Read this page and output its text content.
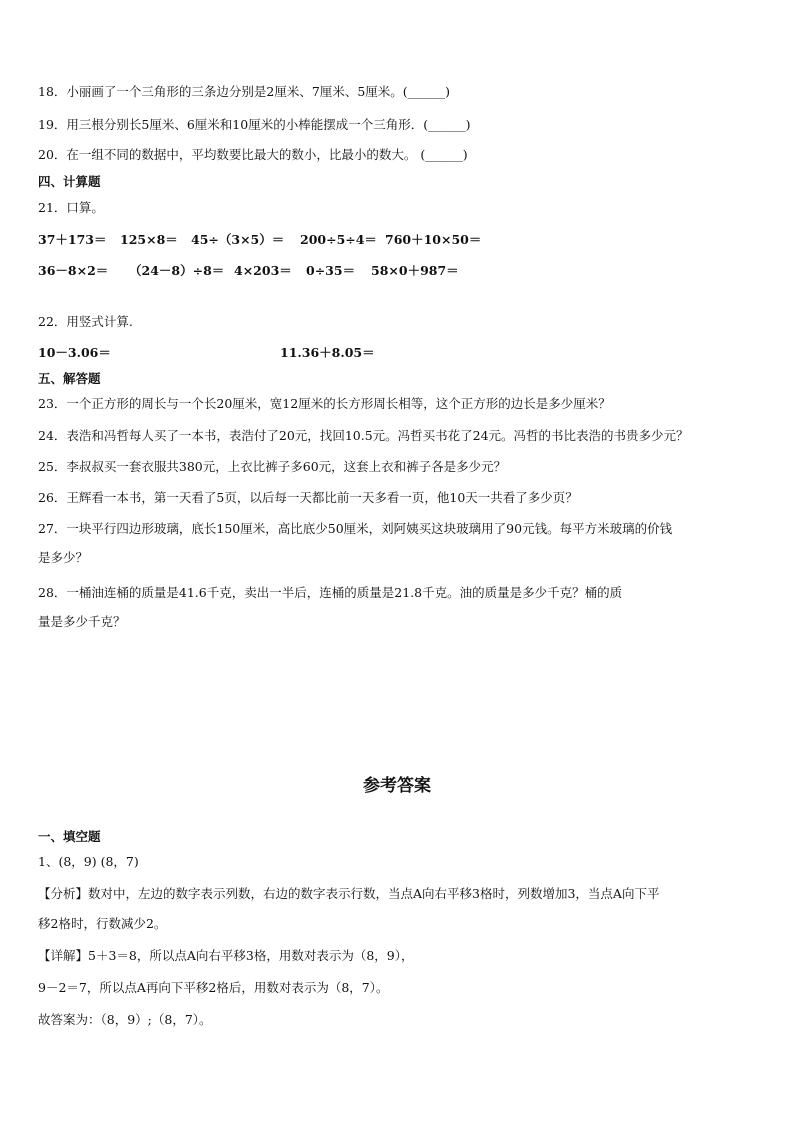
18．小丽画了一个三角形的三条边分别是2厘米、7厘米、5厘米。(______)
19．用三根分别长5厘米、6厘米和10厘米的小棒能摆成一个三角形．(______)
20．在一组不同的数据中，平均数要比最大的数小，比最小的数大。 (______)
四、计算题
21．口算。
37＋173＝ 125×8＝ 45÷（3×5）＝ 200÷5÷4＝ 760＋10×50＝
36－8×2＝ （24－8）÷8＝ 4×203＝ 0÷35＝ 58×0＋987＝
22．用竖式计算.
10－3.06＝	11.36＋8.05＝
五、解答题
23．一个正方形的周长与一个长20厘米，宽12厘米的长方形周长相等，这个正方形的边长是多少厘米？
24．表浩和冯哲每人买了一本书，表浩付了20元，找回10.5元。冯哲买书花了24元。冯哲的书比表浩的书贵多少元？
25．李叔叔买一套衣服共380元，上衣比裤子多60元，这套上衣和裤子各是多少元？
26．王辉看一本书，第一天看了5页，以后每一天都比前一天多看一页，他10天一共看了多少页？
27．一块平行四边形玻璃，底长150厘米，高比底少50厘米，刘阿姨买这块玻璃用了90元钱。每平方米玻璃的价钱
是多少？
28．一桶油连桶的质量是41.6千克，卖出一半后，连桶的质量是21.8千克。油的质量是多少千克？桶的质
量是多少千克？
参考答案
一、填空题
1、(8，9) (8，7)
【分析】数对中，左边的数字表示列数，右边的数字表示行数，当点A向右平移3格时，列数增加3，当点A向下平
移2格时，行数减少2。
【详解】5＋3＝8，所以点A向右平移3格，用数对表示为（8，9），
9－2＝7，所以点A再向下平移2格后，用数对表示为（8，7）。
故答案为：（8，9）;（8，7）。
